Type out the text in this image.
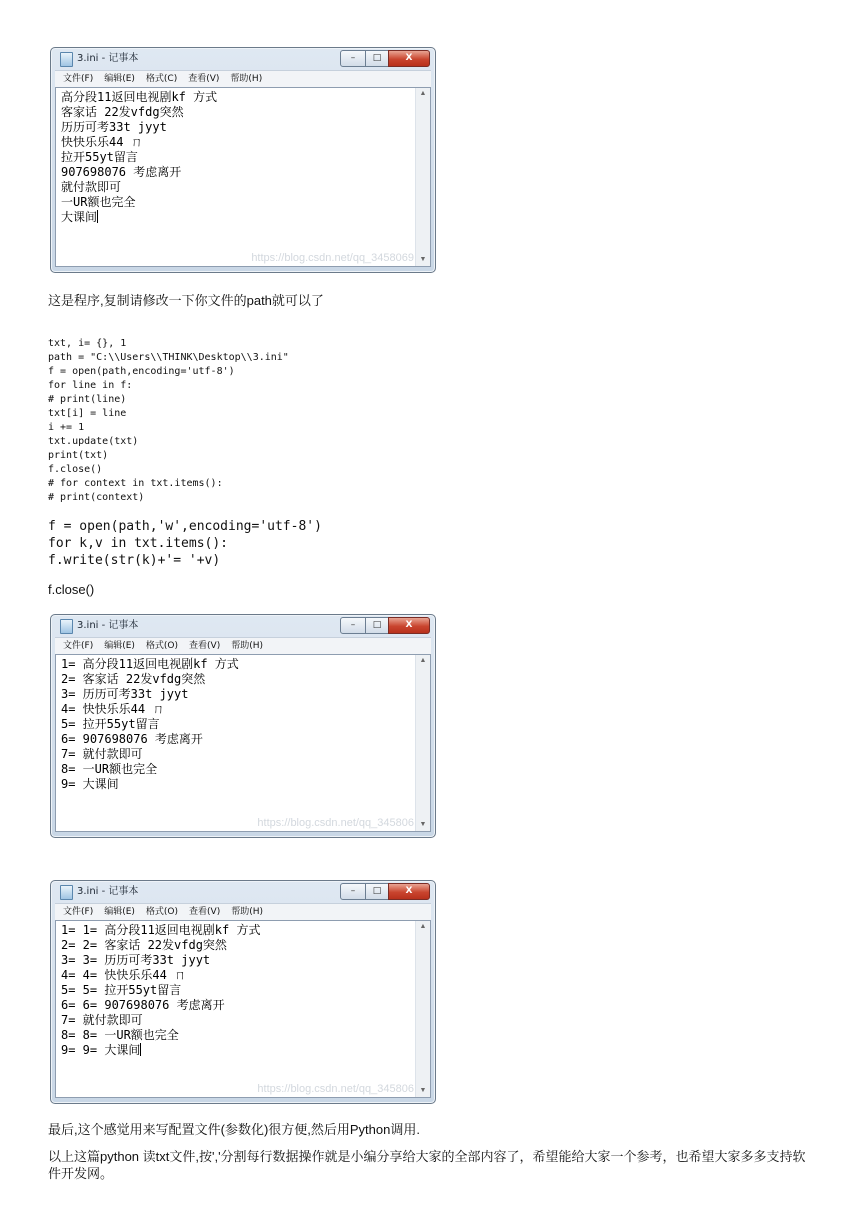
3.ini - 记事本	–	□	X
文件(F) 编辑(E) 格式(C) 查看(V) 帮助(H)
高分段11返回电视剧kf 方式
客家话 22发vfdg突然
历历可考33t jyyt
快快乐乐44 ㄇ
拉开55yt留言
907698076 考虑离开
就付款即可
一UR额也完全
大课间
▲
▼
https://blog.csdn.net/qq_3458069
这是程序,复制请修改一下你文件的path就可以了
txt, i= {}, 1
path = "C:\\Users\\THINK\Desktop\\3.ini"
f = open(path,encoding='utf-8')
for line in f:
# print(line)
txt[i] = line
i += 1
txt.update(txt)
print(txt)
f.close()
# for context in txt.items():
# print(context)
f = open(path,'w',encoding='utf-8')
for k,v in txt.items():
f.write(str(k)+'= '+v)
f.close()
3.ini - 记事本	–	□	X
文件(F) 编辑(E) 格式(O) 查看(V) 帮助(H)
1= 高分段11返回电视剧kf 方式
2= 客家话 22发vfdg突然
3= 历历可考33t jyyt
4= 快快乐乐44 ㄇ
5= 拉开55yt留言
6= 907698076 考虑离开
7= 就付款即可
8= 一UR额也完全
9= 大课间
▲
▼
https://blog.csdn.net/qq_345806
3.ini - 记事本	–	□	X
文件(F) 编辑(E) 格式(O) 查看(V) 帮助(H)
1= 1= 高分段11返回电视剧kf 方式
2= 2= 客家话 22发vfdg突然
3= 3= 历历可考33t jyyt
4= 4= 快快乐乐44 ㄇ
5= 5= 拉开55yt留言
6= 6= 907698076 考虑离开
7= 就付款即可
8= 8= 一UR额也完全
9= 9= 大课间
▲
▼
https://blog.csdn.net/qq_345806
最后,这个感觉用来写配置文件(参数化)很方便,然后用Python调用.
以上这篇python 读txt文件,按','分割每行数据操作就是小编分享给大家的全部内容了，希望能给大家一个参考，也希望大家多多支持软件开发网。
